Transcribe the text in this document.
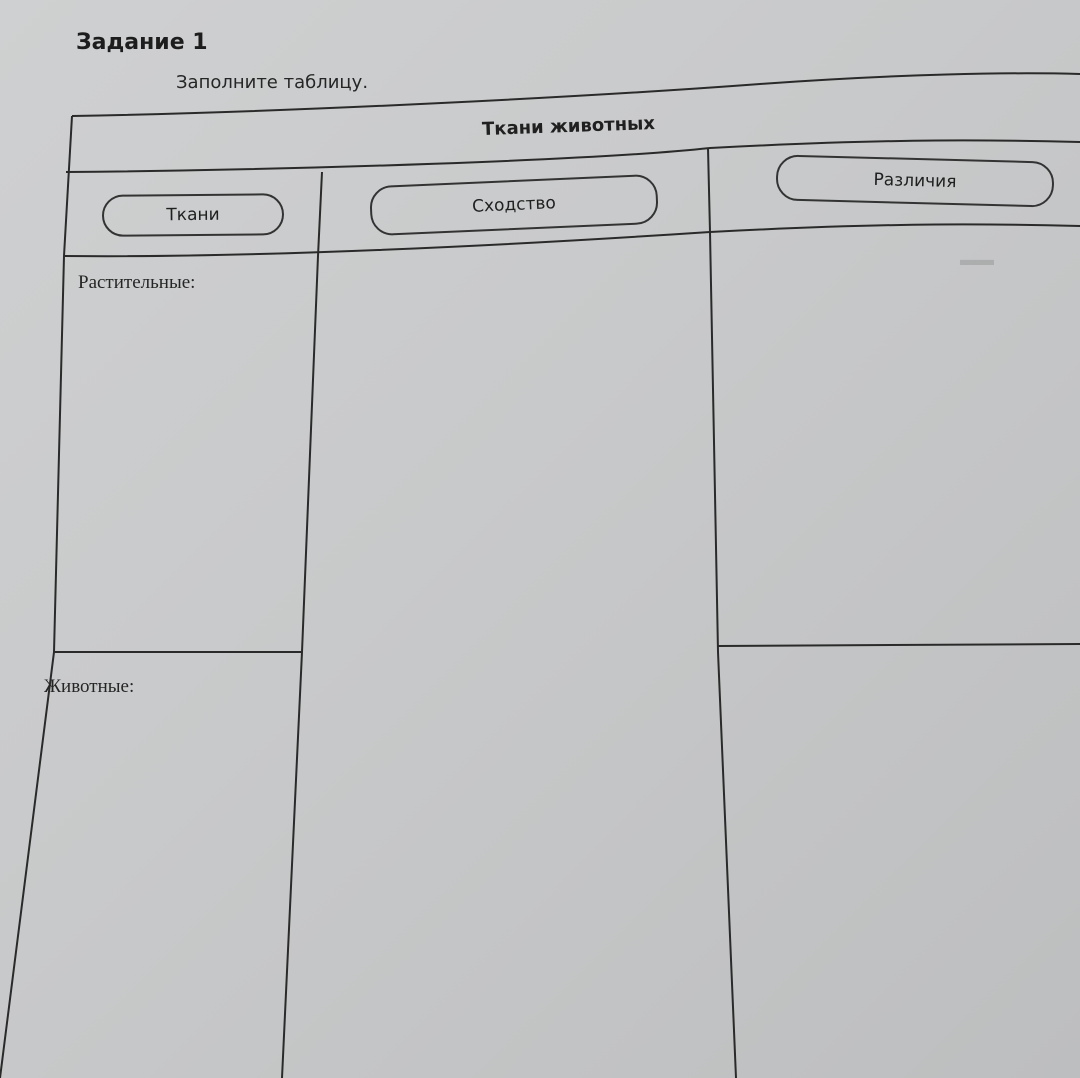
Задание 1
Заполните таблицу.
▬▬
Ткани животных
Ткани	Сходство
Различия
Растительные:
Животные:
